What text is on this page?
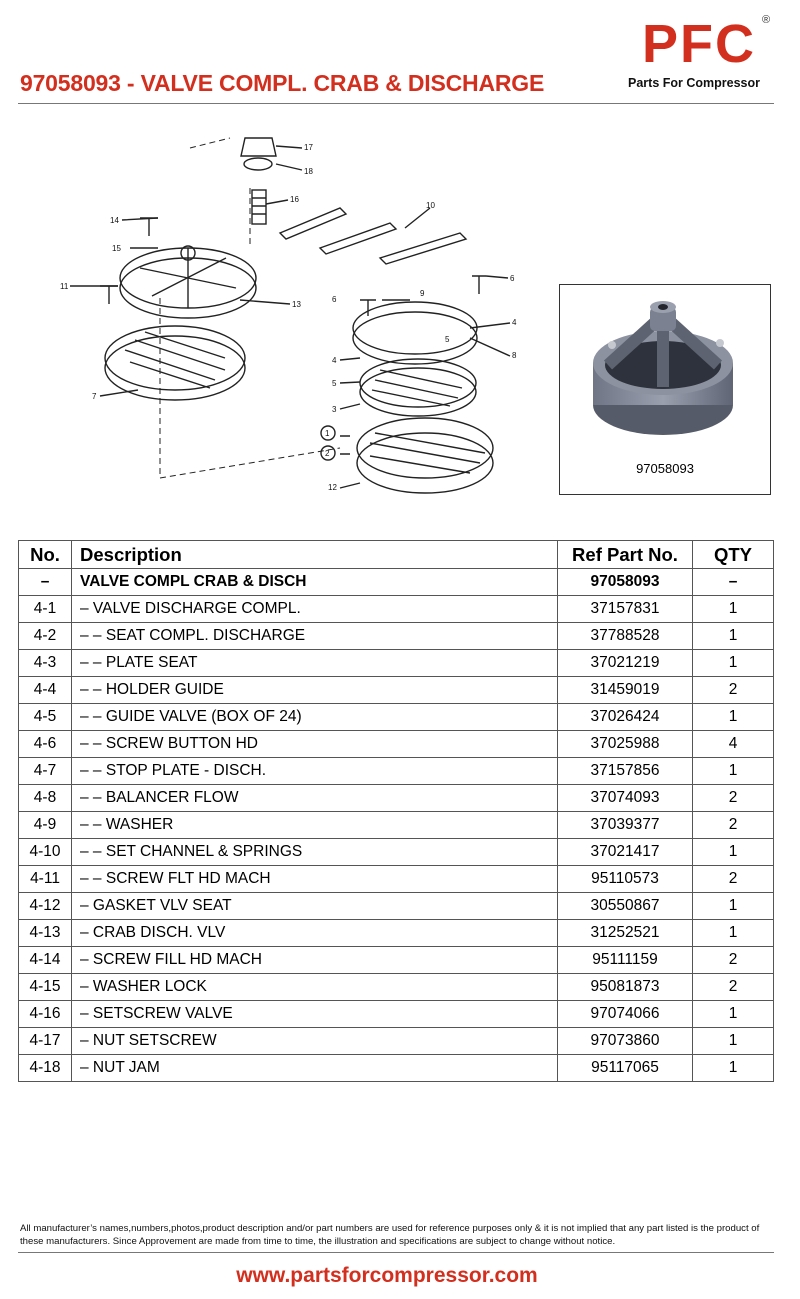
97058093 - VALVE COMPL. CRAB & DISCHARGE
PFC ®
Parts For Compressor
17
18
16
10
14
15
11
13
7
6
9
6
4
8
5
4
5
3
1
2
12
97058093
No.	Description	Ref Part No.	QTY
–	VALVE COMPL CRAB & DISCH	97058093	–
4-1	– VALVE DISCHARGE COMPL.	37157831	1
4-2	– – SEAT COMPL. DISCHARGE	37788528	1
4-3	– – PLATE SEAT	37021219	1
4-4	– – HOLDER GUIDE	31459019	2
4-5	– – GUIDE VALVE (BOX OF 24)	37026424	1
4-6	– – SCREW BUTTON HD	37025988	4
4-7	– – STOP PLATE - DISCH.	37157856	1
4-8	– – BALANCER FLOW	37074093	2
4-9	– – WASHER	37039377	2
4-10	– – SET CHANNEL & SPRINGS	37021417	1
4-11	– – SCREW FLT HD MACH	95110573	2
4-12	– GASKET VLV SEAT	30550867	1
4-13	– CRAB DISCH. VLV	31252521	1
4-14	– SCREW FILL HD MACH	95111159	2
4-15	– WASHER LOCK	95081873	2
4-16	– SETSCREW VALVE	97074066	1
4-17	– NUT SETSCREW	97073860	1
4-18	– NUT JAM	95117065	1
All manufacturer’s names,numbers,photos,product description and/or part numbers are used for reference purposes only & it is not implied that any part listed is the product of these manufacturers. Since Approvement are made from time to time, the illustration and specifications are subject to change without notice.
www.partsforcompressor.com
